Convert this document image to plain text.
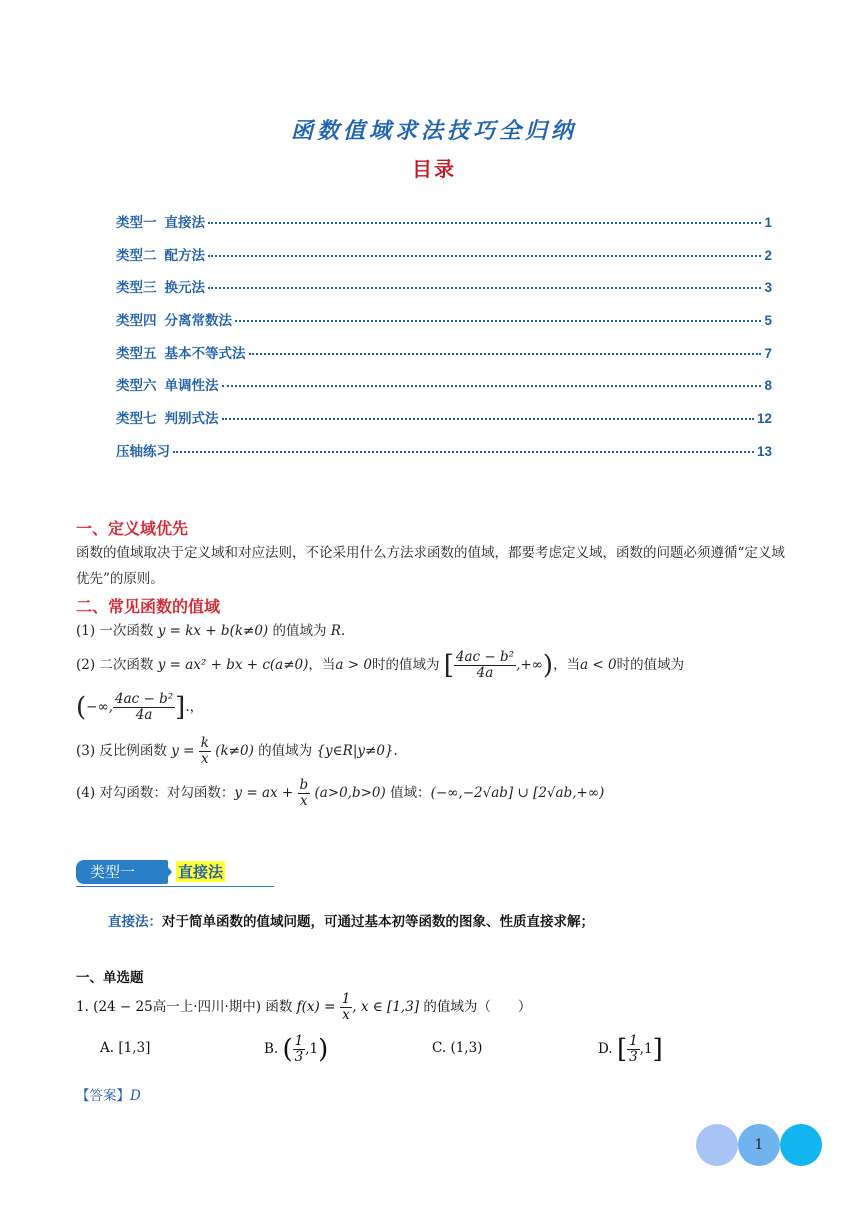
函数值域求法技巧全归纳
目录
类型一 直接法	1
类型二 配方法	2
类型三 换元法	3
类型四 分离常数法	5
类型五 基本不等式法	7
类型六 单调性法	8
类型七 判别式法	12
压轴练习	13
一、定义域优先
函数的值域取决于定义域和对应法则，不论采用什么方法求函数的值域，都要考虑定义域，函数的问题必须遵循“定义域优先”的原则。
二、常见函数的值域
(1) 一次函数 y = kx + b(k≠0) 的值域为 R.
(2) 二次函数 y = ax² + bx + c(a≠0)，当a > 0时的值域为 [ $\frac{\text{4ac − b²}}{4a}$ ,+∞)，当a < 0时的值域为
(−∞, $\frac{\text{4ac − b²}}{4a}$ ].，
(3) 反比例函数 $y = \frac{k}{x} (k\ne 0)$ 的值域为 {y∈R|y≠0}.
(4) 对勾函数：对勾函数：y = ax + $\frac{b}{x} (a>0,b>0)$ 值域：(−∞,−2√ab] ∪ [2√ab,+∞)
类型一	直接法
直接法：对于简单函数的值域问题，可通过基本初等函数的图象、性质直接求解；
一、单选题
1. (24 − 25高一上·四川·期中) 函数 $f(x) = \frac{1}{x}$ , x ∈ [1,3] 的值域为（　　）
A. [1,3]	B. ( $\frac{1}{3} ,1$)	C. (1,3)	D. [ $\frac{1}{3} ,1$]
【答案】D
1
